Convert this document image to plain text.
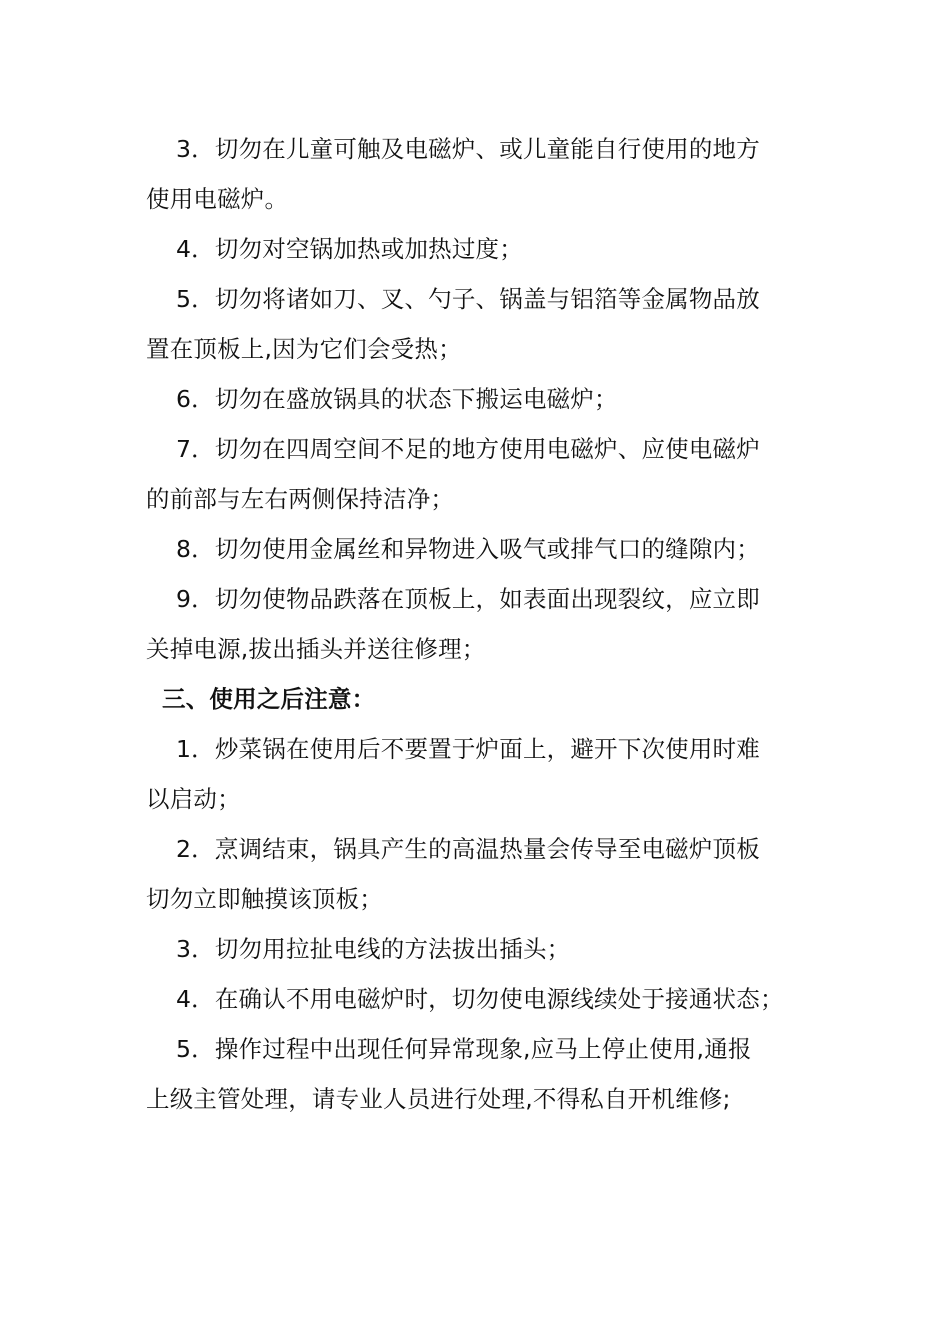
3．切勿在儿童可触及电磁炉、或儿童能自行使用的地方
使用电磁炉。
4．切勿对空锅加热或加热过度；
5．切勿将诸如刀、叉、勺子、锅盖与铝箔等金属物品放
置在顶板上,因为它们会受热；
6．切勿在盛放锅具的状态下搬运电磁炉；
7．切勿在四周空间不足的地方使用电磁炉、应使电磁炉
的前部与左右两侧保持洁净；
8．切勿使用金属丝和异物进入吸气或排气口的缝隙内；
9．切勿使物品跌落在顶板上，如表面出现裂纹，应立即
关掉电源,拔出插头并送往修理；
三、使用之后注意：
1．炒菜锅在使用后不要置于炉面上，避开下次使用时难
以启动；
2．烹调结束，锅具产生的高温热量会传导至电磁炉顶板
切勿立即触摸该顶板；
3．切勿用拉扯电线的方法拔出插头；
4．在确认不用电磁炉时，切勿使电源线续处于接通状态；
5．操作过程中出现任何异常现象,应马上停止使用,通报
上级主管处理，请专业人员进行处理,不得私自开机维修;
